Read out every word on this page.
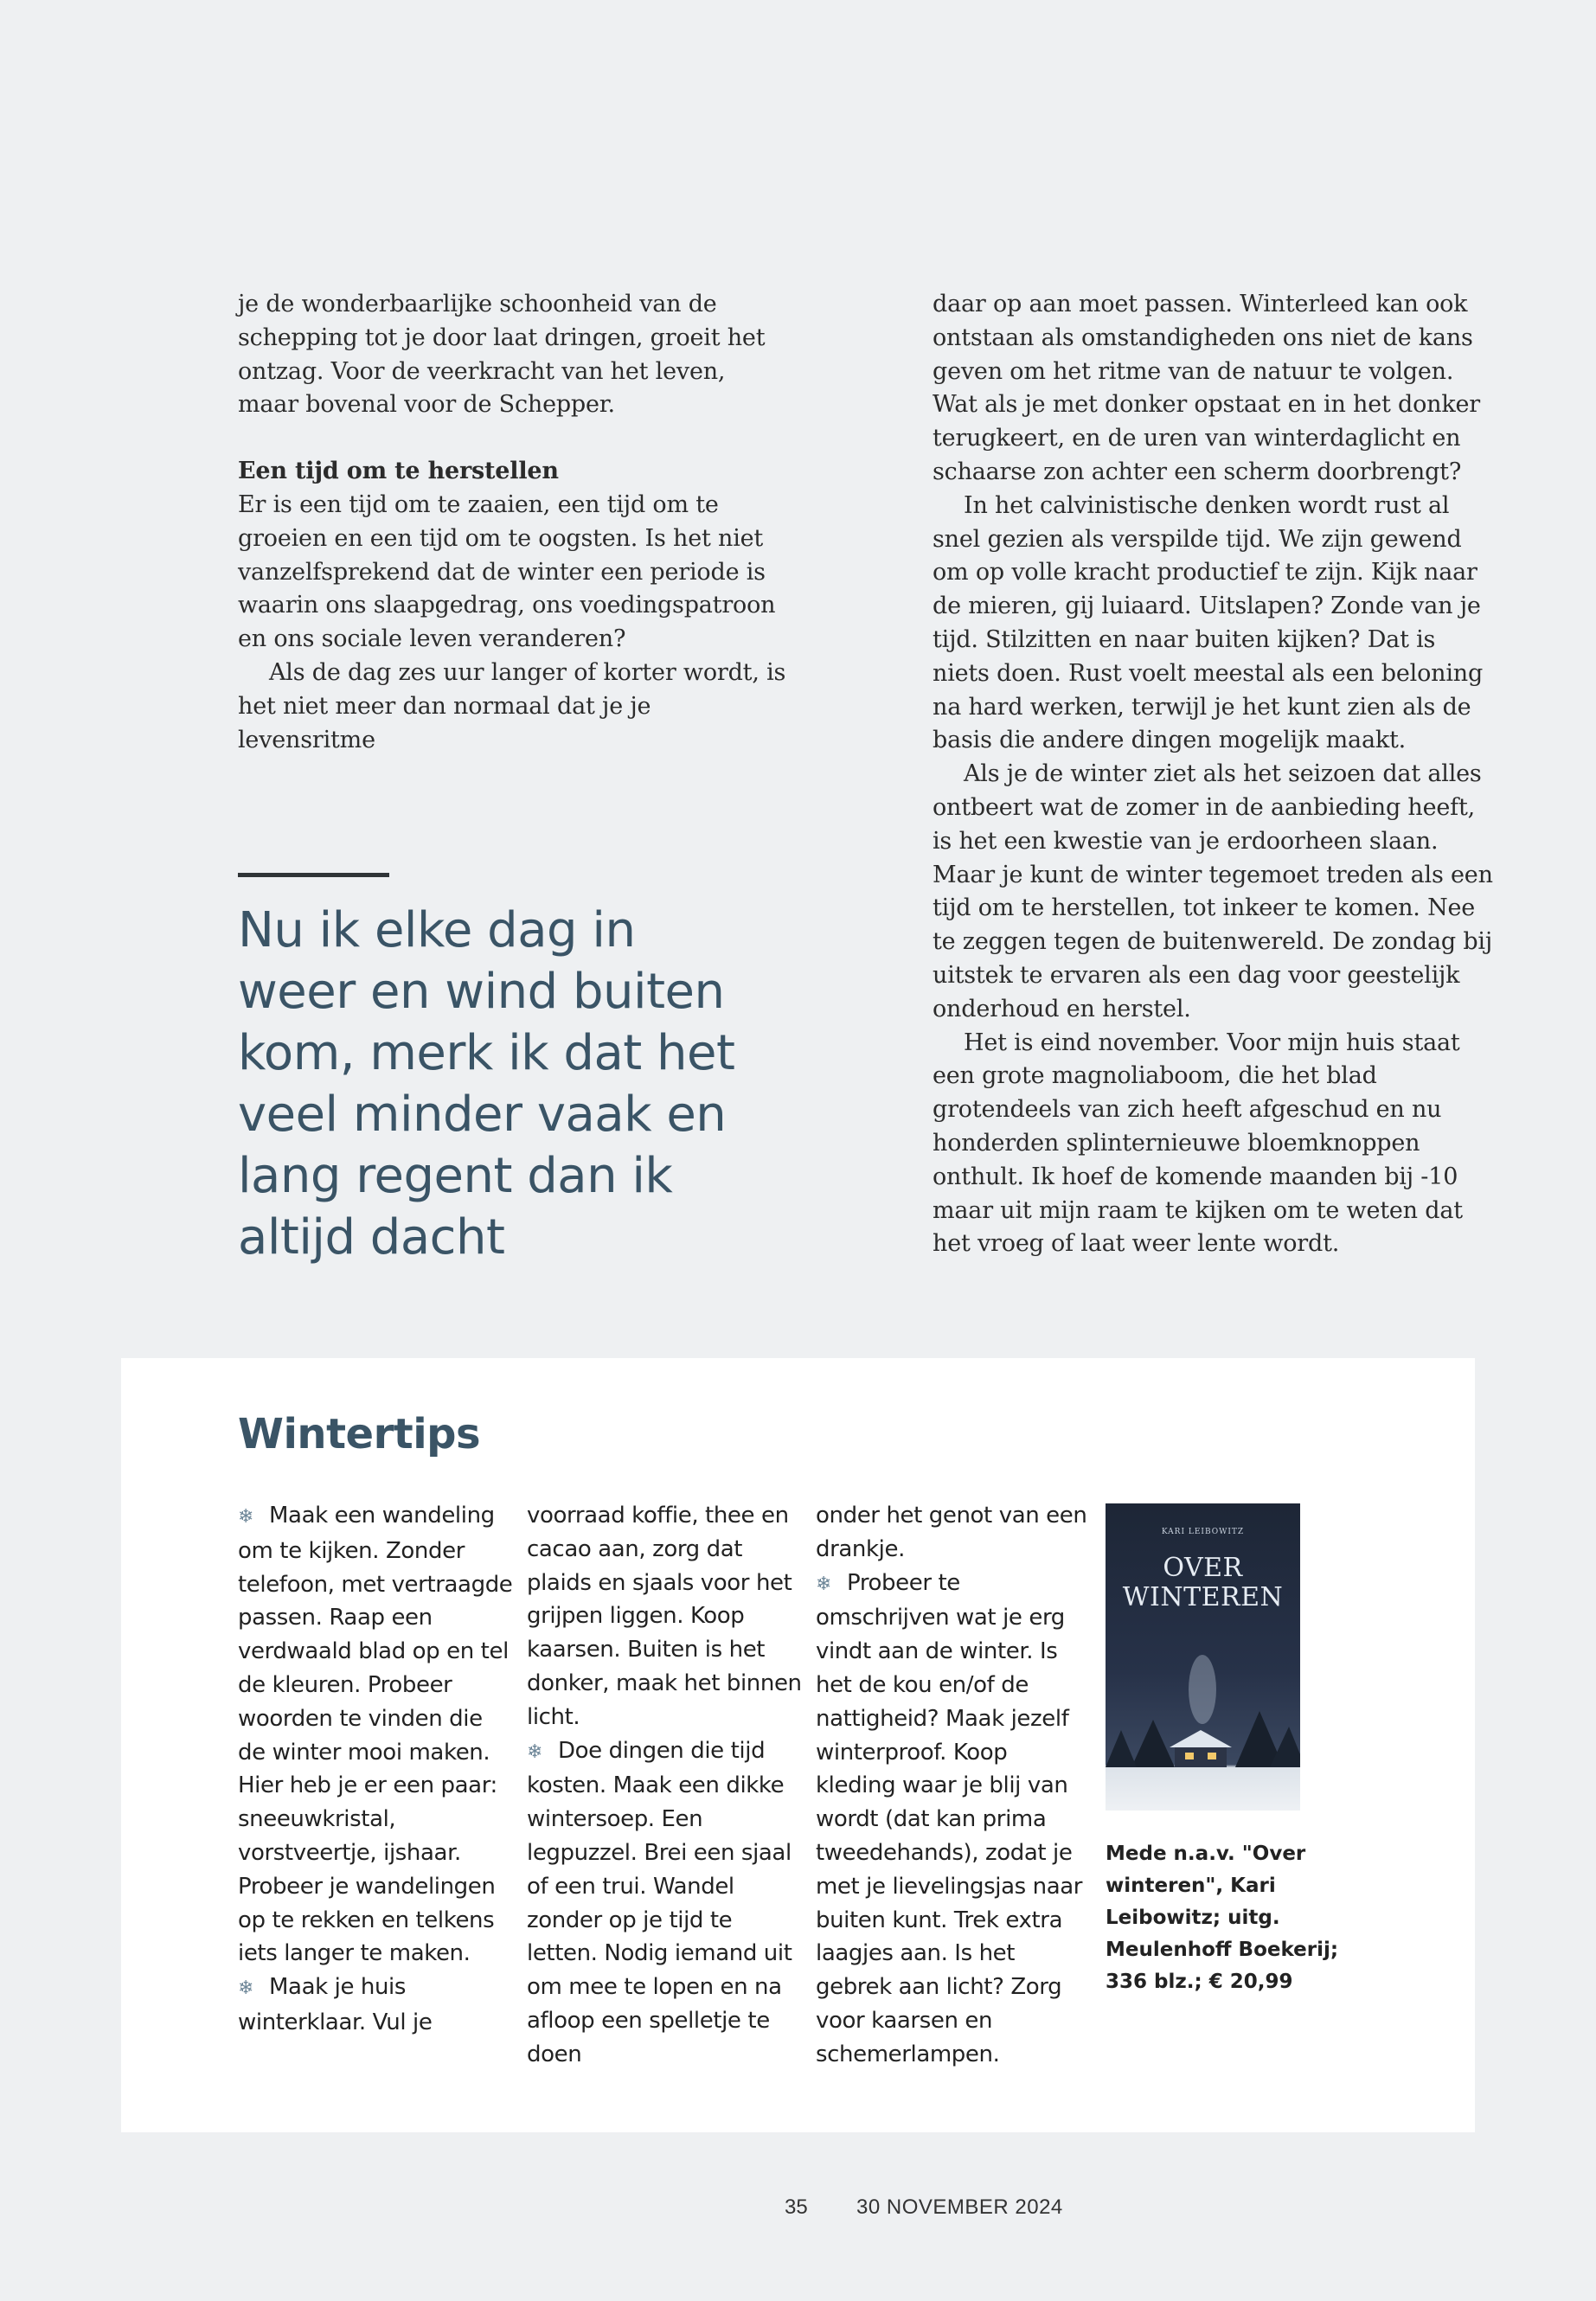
je de wonderbaarlijke schoonheid van de schepping tot je door laat dringen, groeit het ontzag. Voor de veerkracht van het leven, maar bovenal voor de Schepper.

Een tijd om te herstellen

Er is een tijd om te zaaien, een tijd om te groeien en een tijd om te oogsten. Is het niet vanzelfsprekend dat de winter een periode is waarin ons slaapgedrag, ons voedingspatroon en ons sociale leven veranderen?

Als de dag zes uur langer of korter wordt, is het niet meer dan normaal dat je je levensritme

Nu ik elke dag in weer en wind buiten kom, merk ik dat het veel minder vaak en lang regent dan ik altijd dacht

daar op aan moet passen. Winterleed kan ook ontstaan als omstandigheden ons niet de kans geven om het ritme van de natuur te volgen. Wat als je met donker opstaat en in het donker terugkeert, en de uren van winterdaglicht en schaarse zon achter een scherm doorbrengt?

In het calvinistische denken wordt rust al snel gezien als verspilde tijd. We zijn gewend om op volle kracht productief te zijn. Kijk naar de mieren, gij luiaard. Uitslapen? Zonde van je tijd. Stilzitten en naar buiten kijken? Dat is niets doen. Rust voelt meestal als een beloning na hard werken, terwijl je het kunt zien als de basis die andere dingen mogelijk maakt.

Als je de winter ziet als het seizoen dat alles ontbeert wat de zomer in de aanbieding heeft, is het een kwestie van je erdoorheen slaan. Maar je kunt de winter tegemoet treden als een tijd om te herstellen, tot inkeer te komen. Nee te zeggen tegen de buitenwereld. De zondag bij uitstek te ervaren als een dag voor geestelijk onderhoud en herstel.

Het is eind november. Voor mijn huis staat een grote magnoliaboom, die het blad grotendeels van zich heeft afgeschud en nu honderden splinternieuwe bloemknoppen onthult. Ik hoef de komende maanden bij -10 maar uit mijn raam te kijken om te weten dat het vroeg of laat weer lente wordt.

Wintertips

❄ Maak een wandeling om te kijken. Zonder telefoon, met vertraagde passen. Raap een verdwaald blad op en tel de kleuren. Probeer woorden te vinden die de winter mooi maken. Hier heb je er een paar: sneeuwkristal, vorstveertje, ijshaar. Probeer je wandelingen op te rekken en telkens iets langer te maken.

❄ Maak je huis winterklaar. Vul je

voorraad koffie, thee en cacao aan, zorg dat plaids en sjaals voor het grijpen liggen. Koop kaarsen. Buiten is het donker, maak het binnen licht.

❄ Doe dingen die tijd kosten. Maak een dikke wintersoep. Een legpuzzel. Brei een sjaal of een trui. Wandel zonder op je tijd te letten. Nodig iemand uit om mee te lopen en na afloop een spelletje te doen

onder het genot van een drankje.

❄ Probeer te omschrijven wat je erg vindt aan de winter. Is het de kou en/of de nattigheid? Maak jezelf winterproof. Koop kleding waar je blij van wordt (dat kan prima tweedehands), zodat je met je lievelingsjas naar buiten kunt. Trek extra laagjes aan. Is het gebrek aan licht? Zorg voor kaarsen en schemerlampen.

KARI LEIBOWITZ
OVER WINTEREN

Mede n.a.v. "Over winteren", Kari Leibowitz; uitg. Meulenhoff Boekerij; 336 blz.; € 20,99

35 30 NOVEMBER 2024
